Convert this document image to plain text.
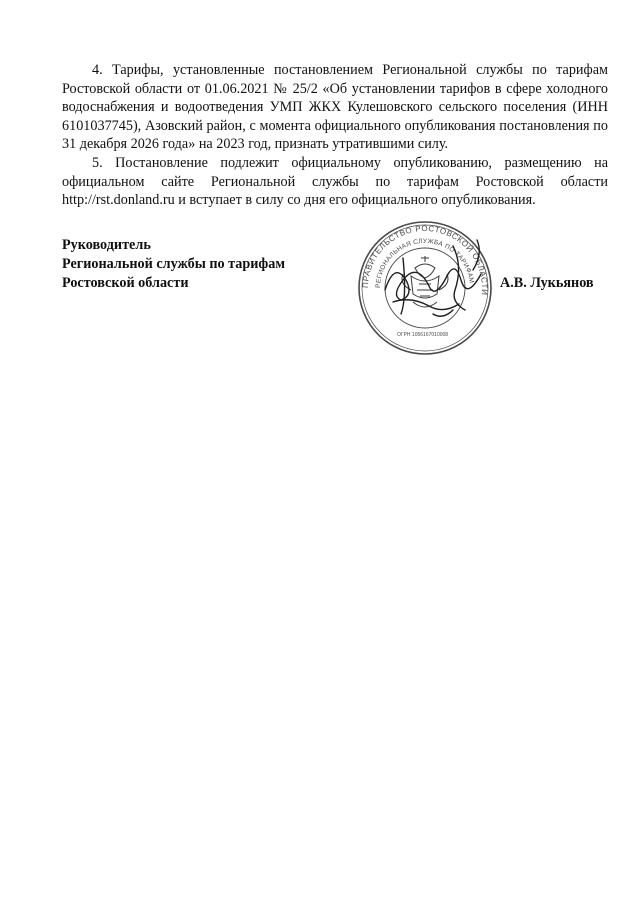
4. Тарифы, установленные постановлением Региональной службы по тарифам Ростовской области от 01.06.2021 № 25/2 «Об установлении тарифов в сфере холодного водоснабжения и водоотведения УМП ЖКХ Кулешовского сельского поселения (ИНН 6101037745), Азовский район, с момента официального опубликования постановления по 31 декабря 2026 года» на 2023 год, признать утратившими силу.

5. Постановление подлежит официальному опубликованию, размещению на официальном сайте Региональной службы по тарифам Ростовской области http://rst.donland.ru и вступает в силу со дня его официального опубликования.

Руководитель
Региональной службы по тарифам
Ростовской области	ПРАВИТЕЛЬСТВО РОСТОВСКОЙ ОБЛАСТИ
РЕГИОНАЛЬНАЯ СЛУЖБА ПО ТАРИФАМ
ОГРН 1056167010008
А.В. Лукьянов
